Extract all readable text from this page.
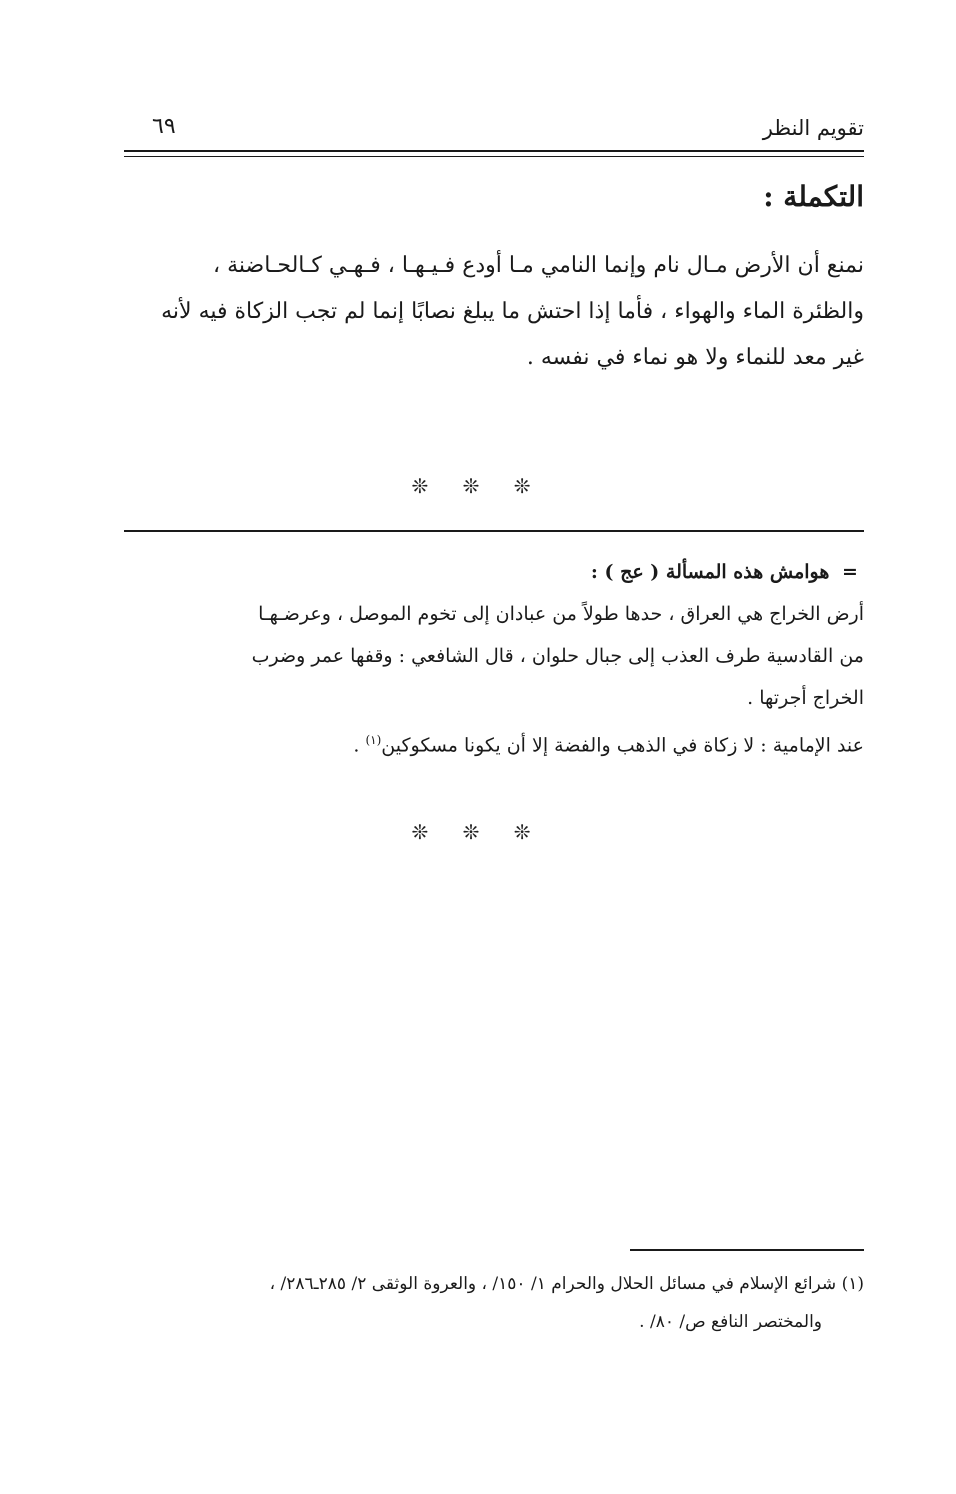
تقويم النظر
٦٩
التكملة :
نمنع أن الأرض مـال نام وإنما النامي مـا أودع فـيـهـا ، فـهـي كـالحـاضنة ،
والظئرة الماء والهواء ، فأما إذا احتش ما يبلغ نصابًا إنما لم تجب الزكاة فيه لأنه
غير معد للنماء ولا هو نماء في نفسه .
❊ ❊ ❊
= هوامش هذه المسألة ( عج ) :
أرض الخراج هي العراق ، حدها طولاً من عبادان إلى تخوم الموصل ، وعرضـهـا
من القادسية طرف العذب إلى جبال حلوان ، قال الشافعي : وقفها عمر وضرب
الخراج أجرتها .
عند الإمامية : لا زكاة في الذهب والفضة إلا أن يكونا مسكوكين$^{(١)}$ .
❊ ❊ ❊
(١) شرائع الإسلام في مسائل الحلال والحرام ١/ ١٥٠/ ، والعروة الوثقى ٢/ ٢٨٥ـ٢٨٦/ ،
والمختصر النافع ص/ ٨٠/ .
